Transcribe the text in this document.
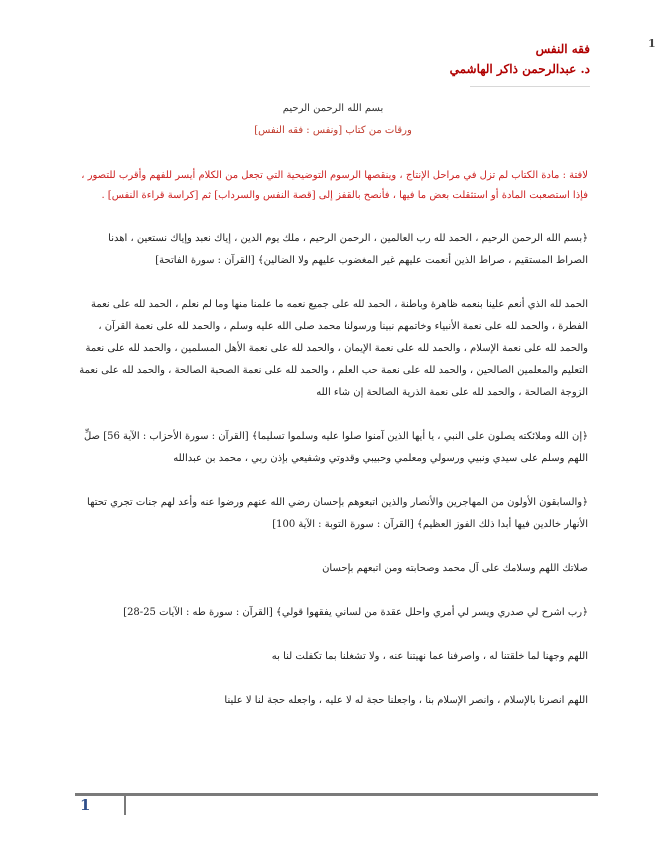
1
فقه النفس
د. عبدالرحمن ذاكر الهاشمي
بسم الله الرحمن الرحيم
ورقات من كتاب [ونفس : فقه النفس]
لافتة : مادة الكتاب لم تزل في مراحل الإنتاج ، وينقصها الرسوم التوضيحية التي تجعل من الكلام أيسر للفهم وأقرب للتصور ، فإذا استصعبت المادة أو استثقلت بعض ما فيها ، فأنصح بالقفز إلى [قصة النفس والسرداب] ثم [كراسة قراءة النفس] .
﴿بسم الله الرحمن الرحيم ، الحمد لله رب العالمين ، الرحمن الرحيم ، ملك يوم الدين ، إياك نعبد وإياك نستعين ، اهدنا الصراط المستقيم ، صراط الذين أنعمت عليهم غير المغضوب عليهم ولا الضالين﴾ [القرآن : سورة الفاتحة]
الحمد لله الذي أنعم علينا بنعمه ظاهرة وباطنة ، الحمد لله على جميع نعمه ما علمنا منها وما لم نعلم ، الحمد لله على نعمة الفطرة ، والحمد لله على نعمة الأنبياء وخاتمهم نبينا ورسولنا محمد صلى الله عليه وسلم ، والحمد لله على نعمة القرآن ، والحمد لله على نعمة الإسلام ، والحمد لله على نعمة الإيمان ، والحمد لله على نعمة الأهل المسلمين ، والحمد لله على نعمة التعليم والمعلمين الصالحين ، والحمد لله على نعمة حب العلم ، والحمد لله على نعمة الصحبة الصالحة ، والحمد لله على نعمة الزوجة الصالحة ، والحمد لله على نعمة الذرية الصالحة إن شاء الله
﴿إن الله وملائكته يصلون على النبي ، يا أيها الذين آمنوا صلوا عليه وسلموا تسليما﴾ [القرآن : سورة الأحزاب : الآية 56] صلِّ اللهم وسلم على سيدي ونبيي ورسولي ومعلمي وحبيبي وقدوتي وشفيعي بإذن ربي ، محمد بن عبدالله
﴿والسابقون الأولون من المهاجرين والأنصار والذين اتبعوهم بإحسان رضي الله عنهم ورضوا عنه وأعد لهم جنات تجري تحتها الأنهار خالدين فيها أبدا ذلك الفوز العظيم﴾ [القرآن : سورة التوبة : الآية 100]
صلاتك اللهم وسلامك على آل محمد وصحابته ومن اتبعهم بإحسان
﴿رب اشرح لي صدري ويسر لي أمري واحلل عقدة من لساني يفقهوا قولي﴾ [القرآن : سورة طه : الآيات 25-28]
اللهم وجهنا لما خلقتنا له ، واصرفنا عما نهيتنا عنه ، ولا تشغلنا بما تكفلت لنا به
اللهم انصرنا بالإسلام ، وانصر الإسلام بنا ، واجعلنا حجة له لا عليه ، واجعله حجة لنا لا علينا
1
